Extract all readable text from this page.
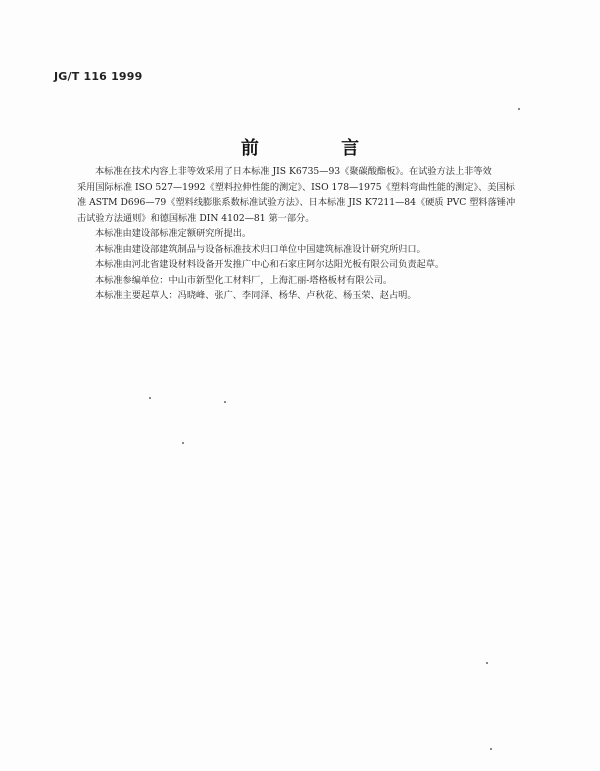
JG/T 116 1999
前 言
本标准在技术内容上非等效采用了日本标准 JIS K6735—93《聚碳酸酯板》。在试验方法上非等效
采用国际标准 ISO 527—1992《塑料拉伸性能的测定》、ISO 178—1975《塑料弯曲性能的测定》、美国标
准 ASTM D696—79《塑料线膨胀系数标准试验方法》、日本标准 JIS K7211—84《硬质 PVC 塑料落锤冲
击试验方法通则》和德国标准 DIN 4102—81 第一部分。
本标准由建设部标准定额研究所提出。
本标准由建设部建筑制品与设备标准技术归口单位中国建筑标准设计研究所归口。
本标准由河北省建设材料设备开发推广中心和石家庄阿尔达阳光板有限公司负责起草。
本标准参编单位：中山市新型化工材料厂，上海汇丽-塔格板材有限公司。
本标准主要起草人：冯晓峰、张广、李同泽、杨华、卢秋花、杨玉荣、赵占明。
